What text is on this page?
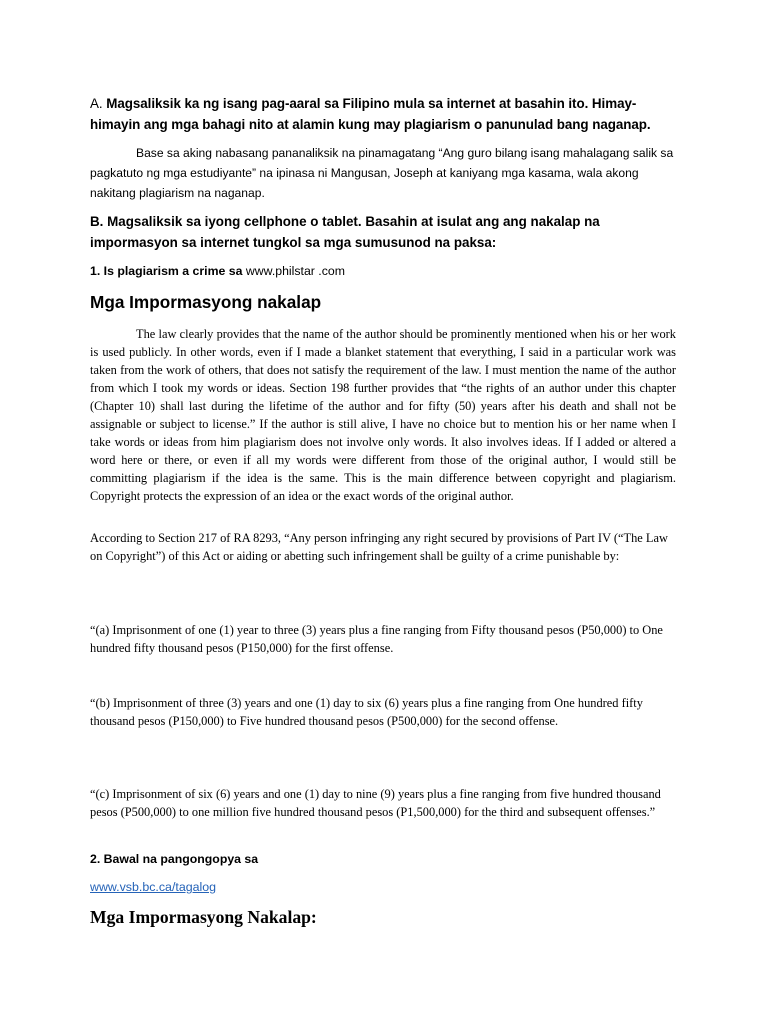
A. Magsaliksik ka ng isang pag-aaral sa Filipino mula sa internet at basahin ito. Himay-himayin ang mga bahagi nito at alamin kung may plagiarism o panunulad bang naganap.
Base sa aking nabasang pananaliksik na pinamagatang “Ang guro bilang isang mahalagang salik sa pagkatuto ng mga estudiyante” na ipinasa ni Mangusan, Joseph at kaniyang mga kasama, wala akong nakitang plagiarism na naganap.
B. Magsaliksik sa iyong cellphone o tablet. Basahin at isulat ang ang nakalap na impormasyon sa internet tungkol sa mga sumusunod na paksa:
1. Is plagiarism a crime sa www.philstar .com
Mga Impormasyong nakalap
The law clearly provides that the name of the author should be prominently mentioned when his or her work is used publicly. In other words, even if I made a blanket statement that everything, I said in a particular work was taken from the work of others, that does not satisfy the requirement of the law. I must mention the name of the author from which I took my words or ideas. Section 198 further provides that “the rights of an author under this chapter (Chapter 10) shall last during the lifetime of the author and for fifty (50) years after his death and shall not be assignable or subject to license.” If the author is still alive, I have no choice but to mention his or her name when I take words or ideas from him plagiarism does not involve only words. It also involves ideas. If I added or altered a word here or there, or even if all my words were different from those of the original author, I would still be committing plagiarism if the idea is the same. This is the main difference between copyright and plagiarism. Copyright protects the expression of an idea or the exact words of the original author.
According to Section 217 of RA 8293, “Any person infringing any right secured by provisions of Part IV (“The Law on Copyright”) of this Act or aiding or abetting such infringement shall be guilty of a crime punishable by:
“(a) Imprisonment of one (1) year to three (3) years plus a fine ranging from Fifty thousand pesos (P50,000) to One hundred fifty thousand pesos (P150,000) for the first offense.
“(b) Imprisonment of three (3) years and one (1) day to six (6) years plus a fine ranging from One hundred fifty thousand pesos (P150,000) to Five hundred thousand pesos (P500,000) for the second offense.
“(c) Imprisonment of six (6) years and one (1) day to nine (9) years plus a fine ranging from five hundred thousand pesos (P500,000) to one million five hundred thousand pesos (P1,500,000) for the third and subsequent offenses.”
2. Bawal na pangongopya sa
www.vsb.bc.ca/tagalog
Mga Impormasyong Nakalap:
